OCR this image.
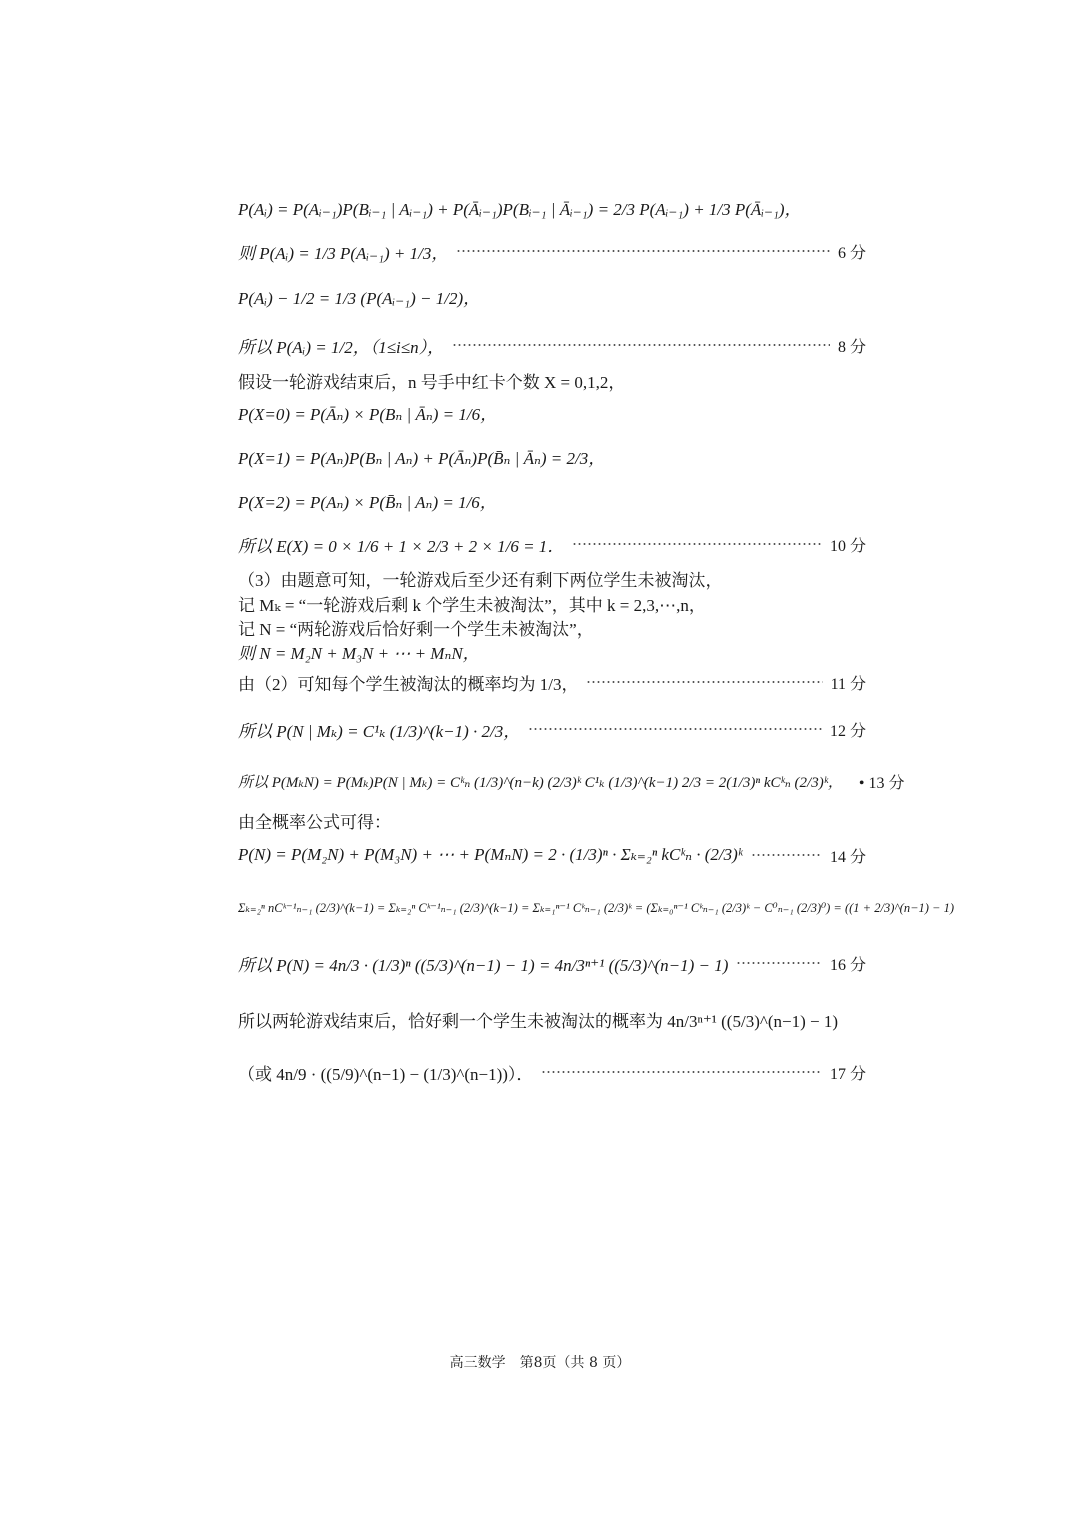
P(Aᵢ) = P(Aᵢ₋₁)P(Bᵢ₋₁ | Aᵢ₋₁) + P(Āᵢ₋₁)P(Bᵢ₋₁ | Āᵢ₋₁) = 2/3 P(Aᵢ₋₁) + 1/3 P(Āᵢ₋₁)，
则 P(Aᵢ) = 1/3 P(Aᵢ₋₁) + 1/3，	6 分
P(Aᵢ) − 1/2 = 1/3 (P(Aᵢ₋₁) − 1/2)，
所以 P(Aᵢ) = 1/2，（1≤i≤n），	8 分
假设一轮游戏结束后，n 号手中红卡个数 X = 0,1,2，
P(X=0) = P(Āₙ) × P(Bₙ | Āₙ) = 1/6，
P(X=1) = P(Aₙ)P(Bₙ | Aₙ) + P(Āₙ)P(B̄ₙ | Āₙ) = 2/3，
P(X=2) = P(Aₙ) × P(B̄ₙ | Aₙ) = 1/6，
所以 E(X) = 0 × 1/6 + 1 × 2/3 + 2 × 1/6 = 1．	10 分
（3）由题意可知，一轮游戏后至少还有剩下两位学生未被淘汰，
记 Mₖ = “一轮游戏后剩 k 个学生未被淘汰”，其中 k = 2,3,⋯,n，
记 N = “两轮游戏后恰好剩一个学生未被淘汰”，
则 N = M₂N + M₃N + ⋯ + MₙN，
由（2）可知每个学生被淘汰的概率均为 1/3，	11 分
所以 P(N | Mₖ) = C¹ₖ (1/3)^(k−1) · 2/3，	12 分
所以 P(MₖN) = P(Mₖ)P(N | Mₖ) = Cᵏₙ (1/3)^(n−k) (2/3)ᵏ C¹ₖ (1/3)^(k−1) 2/3 = 2(1/3)ⁿ kCᵏₙ (2/3)ᵏ， • 13 分
由全概率公式可得：
P(N) = P(M₂N) + P(M₃N) + ⋯ + P(MₙN) = 2 · (1/3)ⁿ · Σₖ₌₂ⁿ kCᵏₙ · (2/3)ᵏ	14 分
Σₖ₌₂ⁿ nCᵏ⁻¹ₙ₋₁ (2/3)^(k−1) = Σₖ₌₂ⁿ Cᵏ⁻¹ₙ₋₁ (2/3)^(k−1) = Σₖ₌₁ⁿ⁻¹ Cᵏₙ₋₁ (2/3)ᵏ = (Σₖ₌₀ⁿ⁻¹ Cᵏₙ₋₁ (2/3)ᵏ − C⁰ₙ₋₁ (2/3)⁰) = ((1 + 2/3)^(n−1) − 1)
所以 P(N) = 4n/3 · (1/3)ⁿ ((5/3)^(n−1) − 1) = 4n/3ⁿ⁺¹ ((5/3)^(n−1) − 1)	16 分
所以两轮游戏结束后，恰好剩一个学生未被淘汰的概率为 4n/3ⁿ⁺¹ ((5/3)^(n−1) − 1)
（或 4n/9 · ((5/9)^(n−1) − (1/3)^(n−1))）．	17 分
高三数学　第8页（共 8 页）
